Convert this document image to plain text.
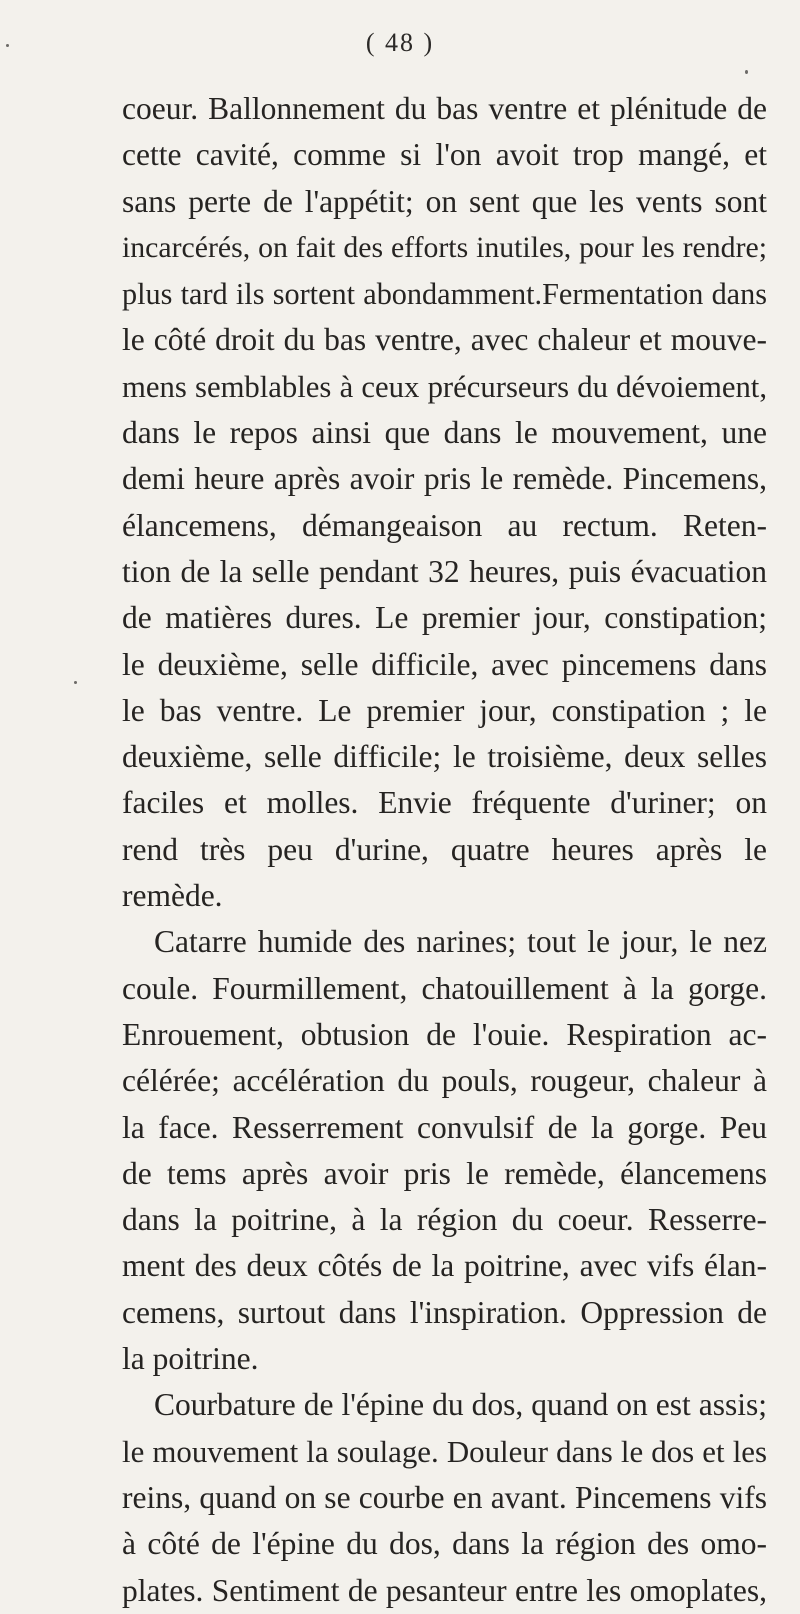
( 48 )
coeur. Ballonnement du bas ventre et plénitude de
cette cavité, comme si l'on avoit trop mangé, et
sans perte de l'appétit; on sent que les vents sont
incarcérés, on fait des efforts inutiles, pour les rendre;
plus tard ils sortent abondamment.Fermentation dans
le côté droit du bas ventre, avec chaleur et mouve-
mens semblables à ceux précurseurs du dévoiement,
dans le repos ainsi que dans le mouvement, une
demi heure après avoir pris le remède. Pincemens,
élancemens, démangeaison au rectum. Reten-
tion de la selle pendant 32 heures, puis évacuation
de matières dures. Le premier jour, constipation;
le deuxième, selle difficile, avec pincemens dans
le bas ventre. Le premier jour, constipation ; le
deuxième, selle difficile; le troisième, deux selles
faciles et molles. Envie fréquente d'uriner; on
rend très peu d'urine, quatre heures après le
remède.
Catarre humide des narines; tout le jour, le nez
coule. Fourmillement, chatouillement à la gorge.
Enrouement, obtusion de l'ouie. Respiration ac-
célérée; accélération du pouls, rougeur, chaleur à
la face. Resserrement convulsif de la gorge. Peu
de tems après avoir pris le remède, élancemens
dans la poitrine, à la région du coeur. Resserre-
ment des deux côtés de la poitrine, avec vifs élan-
cemens, surtout dans l'inspiration. Oppression de
la poitrine.
Courbature de l'épine du dos, quand on est assis;
le mouvement la soulage. Douleur dans le dos et les
reins, quand on se courbe en avant. Pincemens vifs
à côté de l'épine du dos, dans la région des omo-
plates. Sentiment de pesanteur entre les omoplates,
